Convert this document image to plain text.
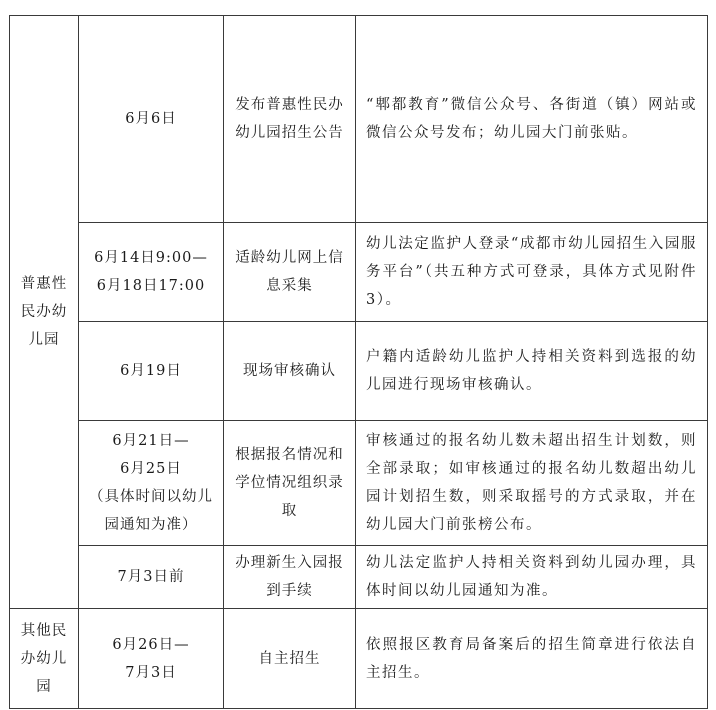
普惠性民办幼儿园	6月6日	发布普惠性民办幼儿园招生公告	“郫都教育”微信公众号、各街道（镇）网站或微信公众号发布；幼儿园大门前张贴。

	6月14日9:00—
6月18日17:00	适龄幼儿网上信息采集	幼儿法定监护人登录“成都市幼儿园招生入园服务平台”（共五种方式可登录，具体方式见附件3）。

	6月19日	现场审核确认	户籍内适龄幼儿监护人持相关资料到选报的幼儿园进行现场审核确认。

	6月21日—
6月25日
（具体时间以幼儿园通知为准）	根据报名情况和学位情况组织录取	审核通过的报名幼儿数未超出招生计划数，则全部录取；如审核通过的报名幼儿数超出幼儿园计划招生数，则采取摇号的方式录取，并在幼儿园大门前张榜公布。

	7月3日前	办理新生入园报到手续	幼儿法定监护人持相关资料到幼儿园办理，具体时间以幼儿园通知为准。
其他民办幼儿园	6月26日—
7月3日	自主招生	依照报区教育局备案后的招生简章进行依法自主招生。
